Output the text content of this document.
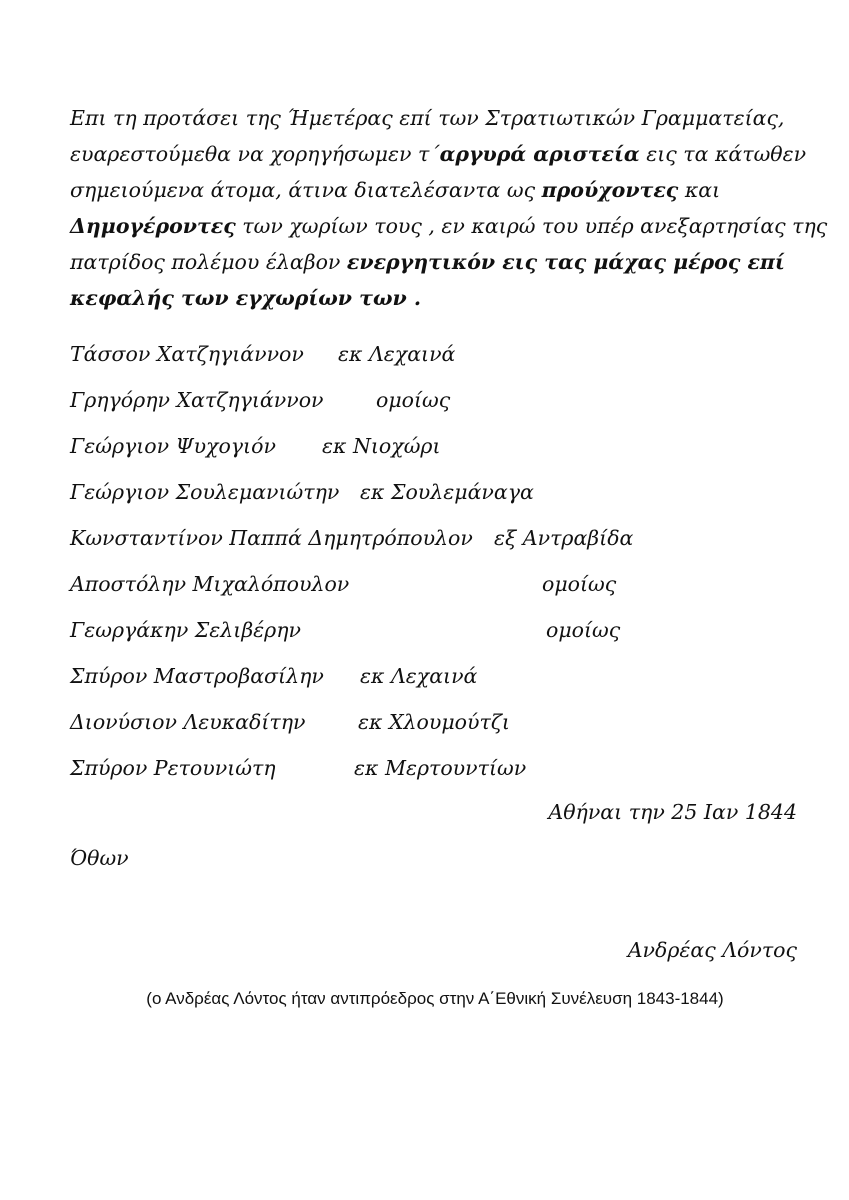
Επι τη προτάσει της Ήμετέρας επί των Στρατιωτικών Γραμματείας,
ευαρεστούμεθα να χορηγήσωμεν τ΄αργυρά αριστεία εις τα κάτωθεν
σημειούμενα άτομα, άτινα διατελέσαντα ως προύχοντες και
Δημογέροντες των χωρίων τους , εν καιρώ του υπέρ ανεξαρτησίας της
πατρίδος πολέμου έλαβον ενεργητικόν εις τας μάχας μέρος επί
κεφαλής των εγχωρίων των .
Τάσσον Χατζηγιάννον εκ Λεχαινά
Γρηγόρην Χατζηγιάννον	ομοίως
Γεώργιον Ψυχογιόν εκ Νιοχώρι
Γεώργιον Σουλεμανιώτην εκ Σουλεμάναγα
Κωνσταντίνον Παππά Δημητρόπουλον εξ Αντραβίδα
Αποστόλην Μιχαλόπουλον	ομοίως
Γεωργάκην Σελιβέρην	ομοίως
Σπύρον Μαστροβασίλην εκ Λεχαινά
Διονύσιον Λευκαδίτην	εκ Χλουμούτζι
Σπύρον Ρετουνιώτη	εκ Μερτουντίων
Αθήναι την 25 Ιαν 1844
Όθων
Ανδρέας Λόντος
(ο Ανδρέας Λόντος ήταν αντιπρόεδρος στην Α΄Εθνική Συνέλευση 1843-1844)
